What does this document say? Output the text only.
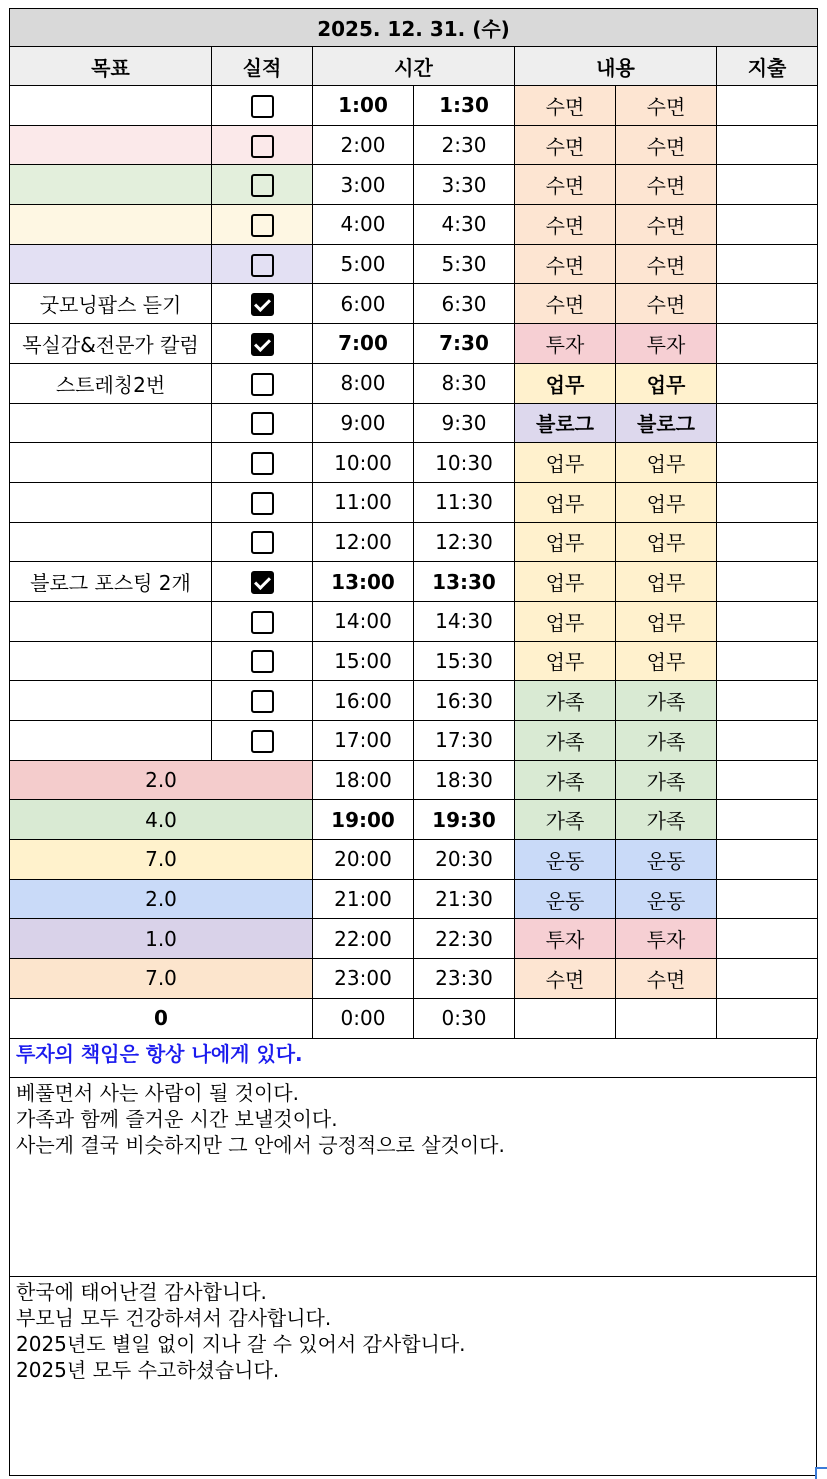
2025. 12. 31. (수)						
목표	실적	시간		내용		지출
		1:00	1:30	수면	수면	
		2:00	2:30	수면	수면	
		3:00	3:30	수면	수면	
		4:00	4:30	수면	수면	
		5:00	5:30	수면	수면	
굿모닝팝스 듣기		6:00	6:30	수면	수면	
목실감&전문가 칼럼		7:00	7:30	투자	투자	
스트레칭2번		8:00	8:30	업무	업무	
		9:00	9:30	블로그	블로그	
		10:00	10:30	업무	업무	
		11:00	11:30	업무	업무	
		12:00	12:30	업무	업무	
블로그 포스팅 2개		13:00	13:30	업무	업무	
		14:00	14:30	업무	업무	
		15:00	15:30	업무	업무	
		16:00	16:30	가족	가족	
		17:00	17:30	가족	가족	
2.0		18:00	18:30	가족	가족	
4.0		19:00	19:30	가족	가족	
7.0		20:00	20:30	운동	운동	
2.0		21:00	21:30	운동	운동	
1.0		22:00	22:30	투자	투자	
7.0		23:00	23:30	수면	수면	
0		0:00	0:30			
투자의 책임은 항상 나에게 있다.
베풀면서 사는 사람이 될 것이다.
가족과 함께 즐거운 시간 보낼것이다.
사는게 결국 비슷하지만 그 안에서 긍정적으로 살것이다.
한국에 태어난걸 감사합니다.
부모님 모두 건강하셔서 감사합니다.
2025년도 별일 없이 지나 갈 수 있어서 감사합니다.
2025년 모두 수고하셨습니다.
